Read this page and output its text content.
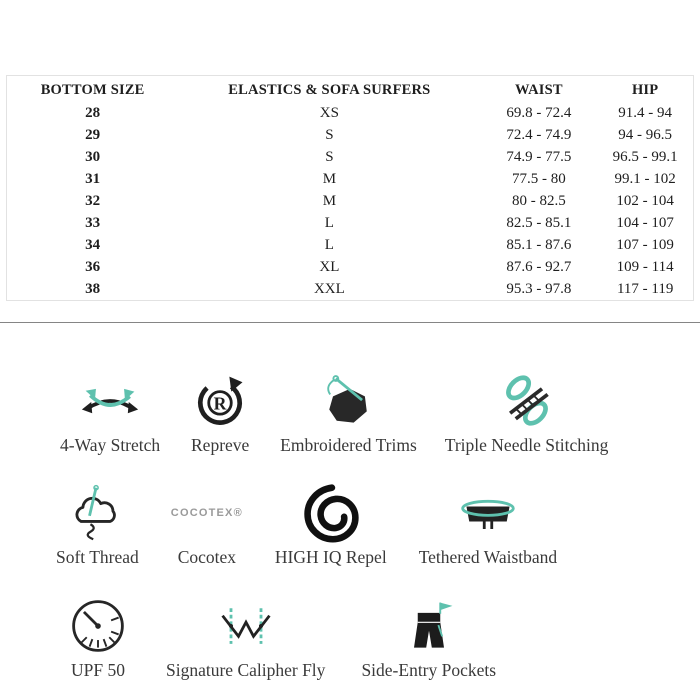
BOTTOM SIZE	ELASTICS & SOFA SURFERS	WAIST	HIP
28	XS	69.8 - 72.4	91.4 - 94
29	S	72.4 - 74.9	94 - 96.5
30	S	74.9 - 77.5	96.5 - 99.1
31	M	77.5 - 80	99.1 - 102
32	M	80 - 82.5	102 - 104
33	L	82.5 - 85.1	104 - 107
34	L	85.1 - 87.6	107 - 109
36	XL	87.6 - 92.7	109 - 114
38	XXL	95.3 - 97.8	117 - 119
4-Way Stretch
R
Repreve Embroidered Trims Triple Needle Stitching
Soft Thread
COCOTEX®
Cocotex HIGH IQ Repel Tethered Waistband
UPF 50 Signature Calipher Fly Side-Entry Pockets
